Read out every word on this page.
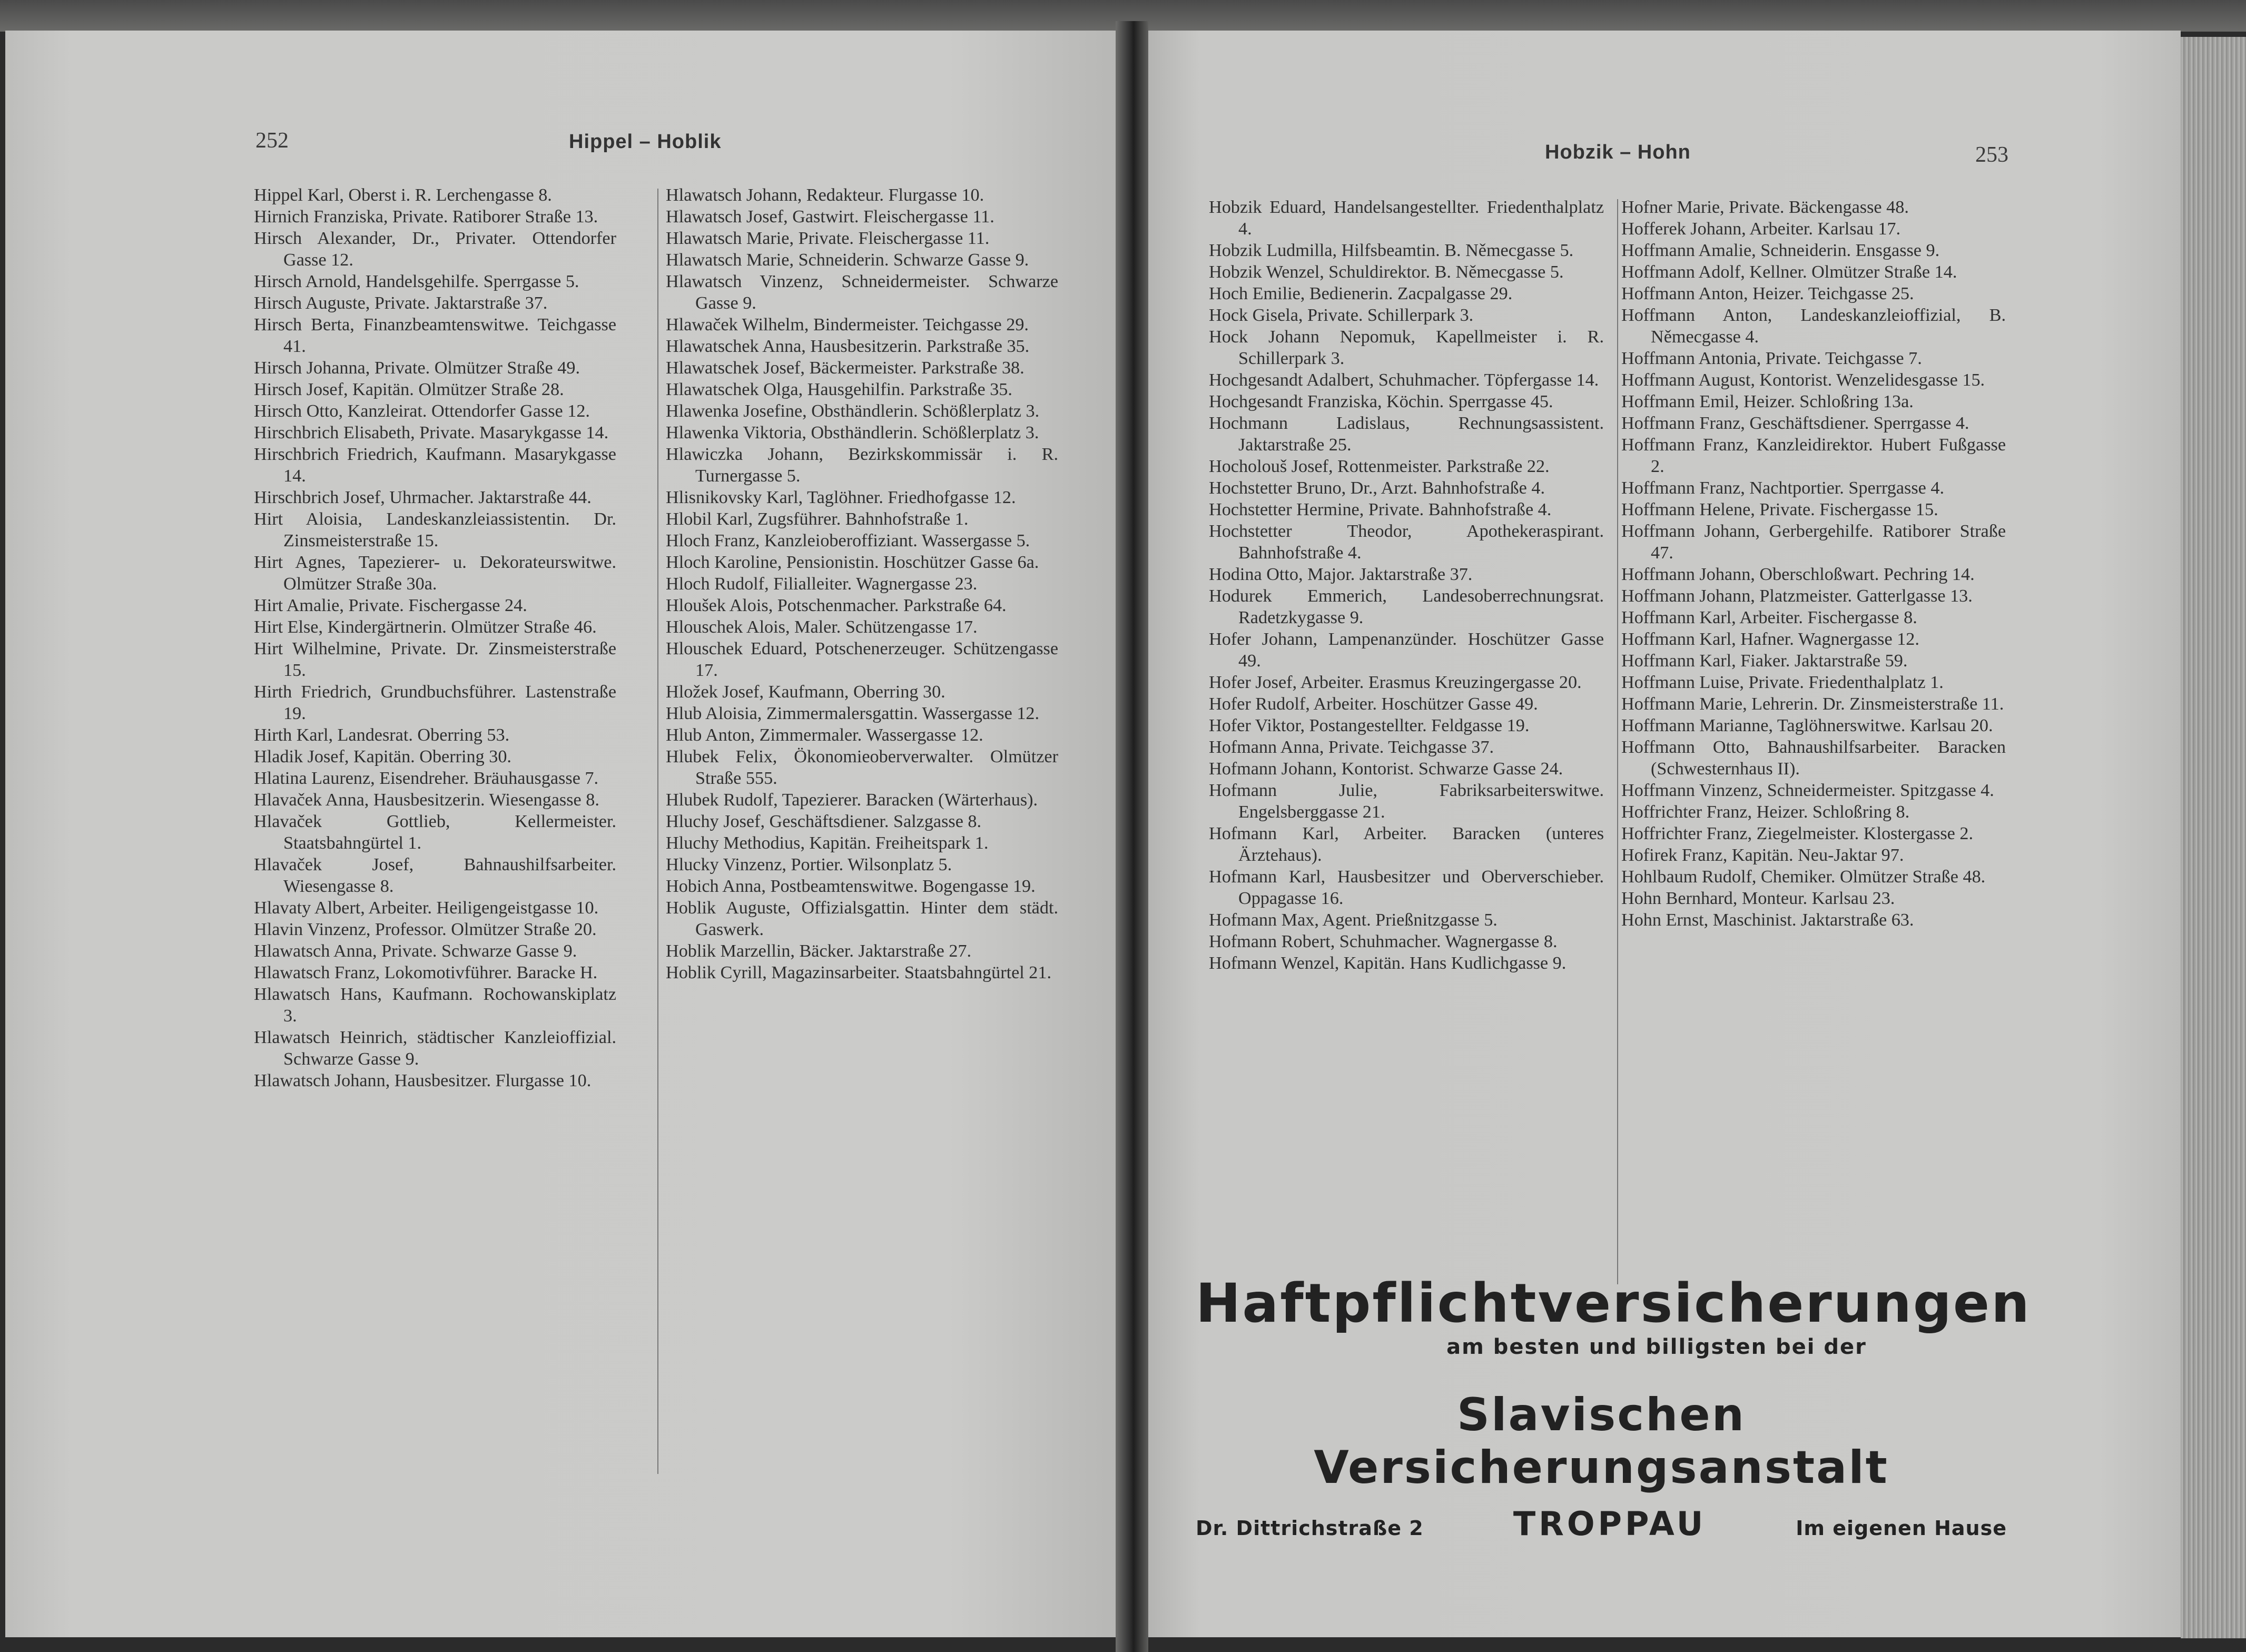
252	Hippel – Hoblik
Hippel Karl, Oberst i. R. Lerchengasse 8.
Hirnich Franziska, Private. Ratiborer Straße 13.
Hirsch Alexander, Dr., Privater. Ottendorfer Gasse 12.
Hirsch Arnold, Handelsgehilfe. Sperrgasse 5.
Hirsch Auguste, Private. Jaktarstraße 37.
Hirsch Berta, Finanzbeamtenswitwe. Teichgasse 41.
Hirsch Johanna, Private. Olmützer Straße 49.
Hirsch Josef, Kapitän. Olmützer Straße 28.
Hirsch Otto, Kanzleirat. Ottendorfer Gasse 12.
Hirschbrich Elisabeth, Private. Masarykgasse 14.
Hirschbrich Friedrich, Kaufmann. Masarykgasse 14.
Hirschbrich Josef, Uhrmacher. Jaktarstraße 44.
Hirt Aloisia, Landeskanzleiassistentin. Dr. Zinsmeisterstraße 15.
Hirt Agnes, Tapezierer- u. Dekorateurswitwe. Olmützer Straße 30a.
Hirt Amalie, Private. Fischergasse 24.
Hirt Else, Kindergärtnerin. Olmützer Straße 46.
Hirt Wilhelmine, Private. Dr. Zinsmeisterstraße 15.
Hirth Friedrich, Grundbuchsführer. Lastenstraße 19.
Hirth Karl, Landesrat. Oberring 53.
Hladik Josef, Kapitän. Oberring 30.
Hlatina Laurenz, Eisendreher. Bräuhausgasse 7.
Hlavaček Anna, Hausbesitzerin. Wiesengasse 8.
Hlavaček Gottlieb, Kellermeister. Staatsbahngürtel 1.
Hlavaček Josef, Bahnaushilfsarbeiter. Wiesengasse 8.
Hlavaty Albert, Arbeiter. Heiligengeistgasse 10.
Hlavin Vinzenz, Professor. Olmützer Straße 20.
Hlawatsch Anna, Private. Schwarze Gasse 9.
Hlawatsch Franz, Lokomotivführer. Baracke H.
Hlawatsch Hans, Kaufmann. Rochowanskiplatz 3.
Hlawatsch Heinrich, städtischer Kanzleioffizial. Schwarze Gasse 9.
Hlawatsch Johann, Hausbesitzer. Flurgasse 10.
Hlawatsch Johann, Redakteur. Flurgasse 10.
Hlawatsch Josef, Gastwirt. Fleischergasse 11.
Hlawatsch Marie, Private. Fleischergasse 11.
Hlawatsch Marie, Schneiderin. Schwarze Gasse 9.
Hlawatsch Vinzenz, Schneidermeister. Schwarze Gasse 9.
Hlawaček Wilhelm, Bindermeister. Teichgasse 29.
Hlawatschek Anna, Hausbesitzerin. Parkstraße 35.
Hlawatschek Josef, Bäckermeister. Parkstraße 38.
Hlawatschek Olga, Hausgehilfin. Parkstraße 35.
Hlawenka Josefine, Obsthändlerin. Schößlerplatz 3.
Hlawenka Viktoria, Obsthändlerin. Schößlerplatz 3.
Hlawiczka Johann, Bezirkskommissär i. R. Turnergasse 5.
Hlisnikovsky Karl, Taglöhner. Friedhofgasse 12.
Hlobil Karl, Zugsführer. Bahnhofstraße 1.
Hloch Franz, Kanzleioberoffiziant. Wassergasse 5.
Hloch Karoline, Pensionistin. Hoschützer Gasse 6a.
Hloch Rudolf, Filialleiter. Wagnergasse 23.
Hloušek Alois, Potschenmacher. Parkstraße 64.
Hlouschek Alois, Maler. Schützengasse 17.
Hlouschek Eduard, Potschenerzeuger. Schützengasse 17.
Hložek Josef, Kaufmann, Oberring 30.
Hlub Aloisia, Zimmermalersgattin. Wassergasse 12.
Hlub Anton, Zimmermaler. Wassergasse 12.
Hlubek Felix, Ökonomieoberverwalter. Olmützer Straße 555.
Hlubek Rudolf, Tapezierer. Baracken (Wärterhaus).
Hluchy Josef, Geschäftsdiener. Salzgasse 8.
Hluchy Methodius, Kapitän. Freiheitspark 1.
Hlucky Vinzenz, Portier. Wilsonplatz 5.
Hobich Anna, Postbeamtenswitwe. Bogengasse 19.
Hoblik Auguste, Offizialsgattin. Hinter dem städt. Gaswerk.
Hoblik Marzellin, Bäcker. Jaktarstraße 27.
Hoblik Cyrill, Magazinsarbeiter. Staatsbahngürtel 21.
Hobzik – Hohn	253
Hobzik Eduard, Handelsangestellter. Friedenthalplatz 4.
Hobzik Ludmilla, Hilfsbeamtin. B. Němecgasse 5.
Hobzik Wenzel, Schuldirektor. B. Němecgasse 5.
Hoch Emilie, Bedienerin. Zacpalgasse 29.
Hock Gisela, Private. Schillerpark 3.
Hock Johann Nepomuk, Kapellmeister i. R. Schillerpark 3.
Hochgesandt Adalbert, Schuhmacher. Töpfergasse 14.
Hochgesandt Franziska, Köchin. Sperrgasse 45.
Hochmann Ladislaus, Rechnungsassistent. Jaktarstraße 25.
Hocholouš Josef, Rottenmeister. Parkstraße 22.
Hochstetter Bruno, Dr., Arzt. Bahnhofstraße 4.
Hochstetter Hermine, Private. Bahnhofstraße 4.
Hochstetter Theodor, Apothekeraspirant. Bahnhofstraße 4.
Hodina Otto, Major. Jaktarstraße 37.
Hodurek Emmerich, Landesoberrechnungsrat. Radetzkygasse 9.
Hofer Johann, Lampenanzünder. Hoschützer Gasse 49.
Hofer Josef, Arbeiter. Erasmus Kreuzingergasse 20.
Hofer Rudolf, Arbeiter. Hoschützer Gasse 49.
Hofer Viktor, Postangestellter. Feldgasse 19.
Hofmann Anna, Private. Teichgasse 37.
Hofmann Johann, Kontorist. Schwarze Gasse 24.
Hofmann Julie, Fabriksarbeiterswitwe. Engelsberggasse 21.
Hofmann Karl, Arbeiter. Baracken (unteres Ärztehaus).
Hofmann Karl, Hausbesitzer und Oberverschieber. Oppagasse 16.
Hofmann Max, Agent. Prießnitzgasse 5.
Hofmann Robert, Schuhmacher. Wagnergasse 8.
Hofmann Wenzel, Kapitän. Hans Kudlichgasse 9.
Hofner Marie, Private. Bäckengasse 48.
Hofferek Johann, Arbeiter. Karlsau 17.
Hoffmann Amalie, Schneiderin. Ensgasse 9.
Hoffmann Adolf, Kellner. Olmützer Straße 14.
Hoffmann Anton, Heizer. Teichgasse 25.
Hoffmann Anton, Landeskanzleioffizial, B. Němecgasse 4.
Hoffmann Antonia, Private. Teichgasse 7.
Hoffmann August, Kontorist. Wenzelidesgasse 15.
Hoffmann Emil, Heizer. Schloßring 13a.
Hoffmann Franz, Geschäftsdiener. Sperrgasse 4.
Hoffmann Franz, Kanzleidirektor. Hubert Fußgasse 2.
Hoffmann Franz, Nachtportier. Sperrgasse 4.
Hoffmann Helene, Private. Fischergasse 15.
Hoffmann Johann, Gerbergehilfe. Ratiborer Straße 47.
Hoffmann Johann, Oberschloßwart. Pechring 14.
Hoffmann Johann, Platzmeister. Gatterlgasse 13.
Hoffmann Karl, Arbeiter. Fischergasse 8.
Hoffmann Karl, Hafner. Wagnergasse 12.
Hoffmann Karl, Fiaker. Jaktarstraße 59.
Hoffmann Luise, Private. Friedenthalplatz 1.
Hoffmann Marie, Lehrerin. Dr. Zinsmeisterstraße 11.
Hoffmann Marianne, Taglöhnerswitwe. Karlsau 20.
Hoffmann Otto, Bahnaushilfsarbeiter. Baracken (Schwesternhaus II).
Hoffmann Vinzenz, Schneidermeister. Spitzgasse 4.
Hoffrichter Franz, Heizer. Schloßring 8.
Hoffrichter Franz, Ziegelmeister. Klostergasse 2.
Hofirek Franz, Kapitän. Neu-Jaktar 97.
Hohlbaum Rudolf, Chemiker. Olmützer Straße 48.
Hohn Bernhard, Monteur. Karlsau 23.
Hohn Ernst, Maschinist. Jaktarstraße 63.
Haftpflichtversicherungen
am besten und billigsten bei der
Slavischen Versicherungsanstalt
Dr. Dittrichstraße 2	TROPPAU	Im eigenen Hause
